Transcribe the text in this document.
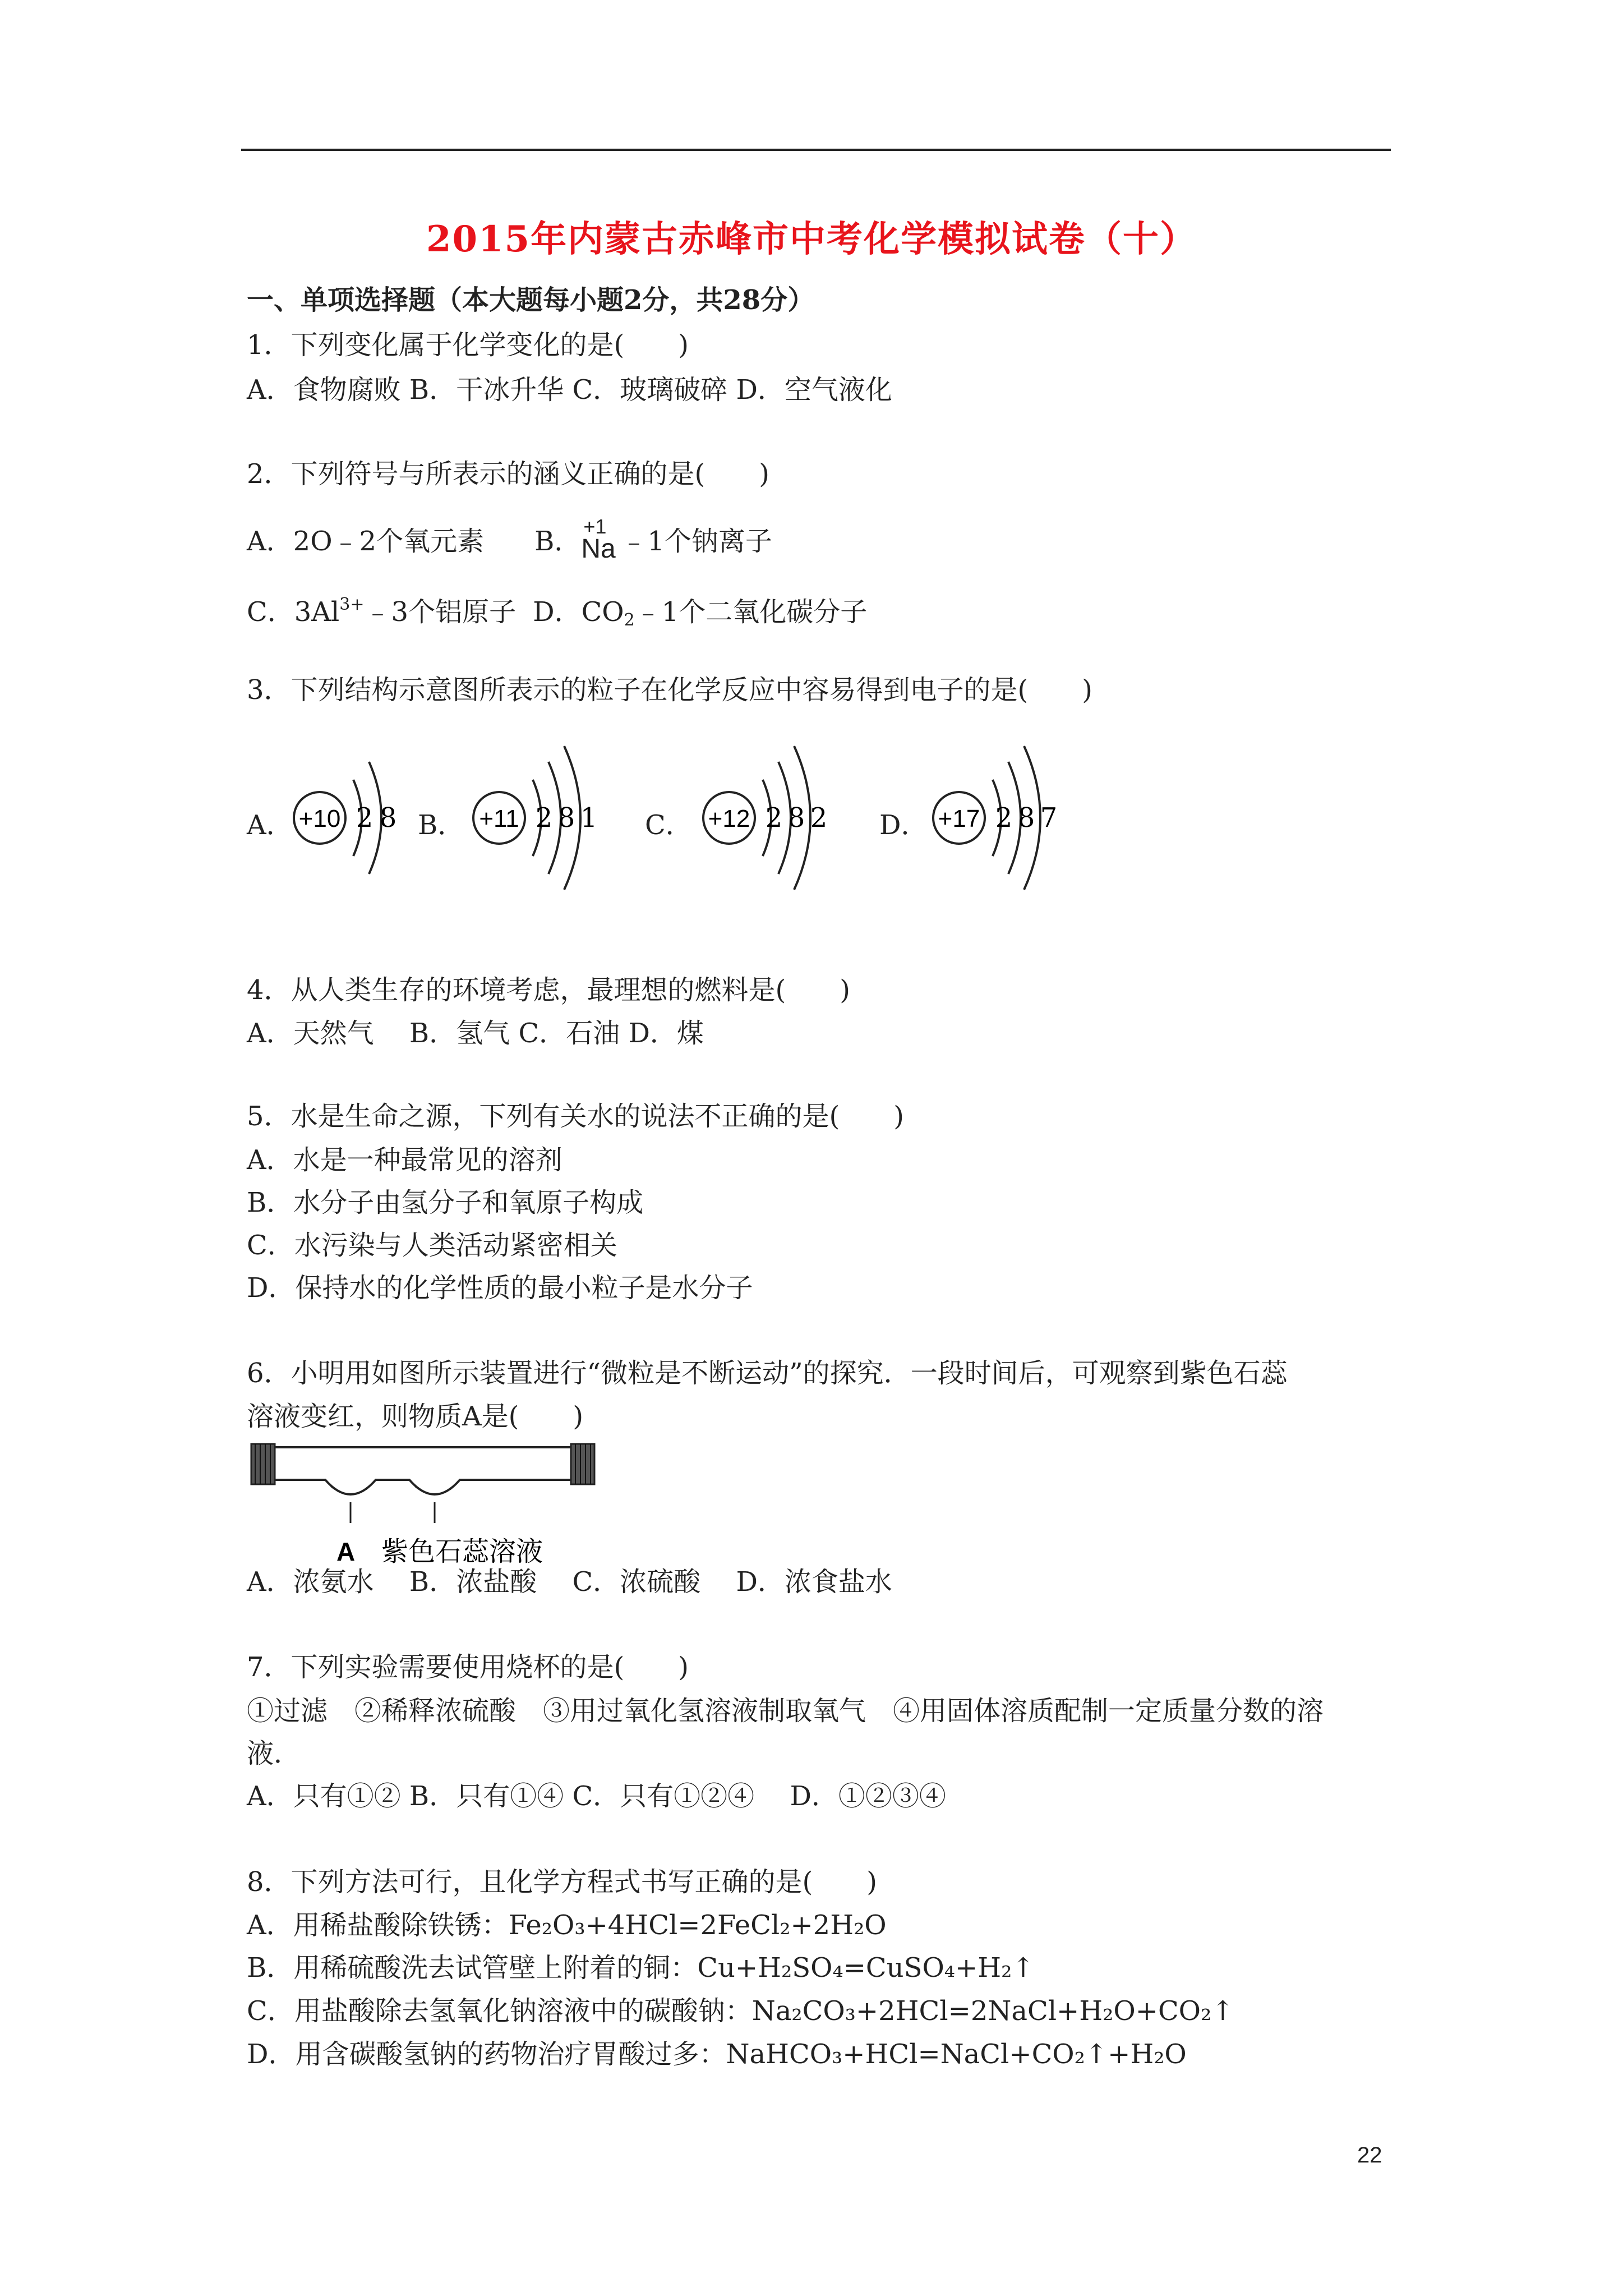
2015年内蒙古赤峰市中考化学模拟试卷（十）
一、单项选择题（本大题每小题2分，共28分）
1．下列变化属于化学变化的是(　　)
A．食物腐败 B．干冰升华 C．玻璃破碎 D．空气液化
2．下列符号与所表示的涵义正确的是(　　)
A．2O﹣2个氧元素 B． +1
Na ﹣1个钠离子
C．$3Al^{3+}﹣3$个铝原子 D．$CO_2﹣1$个二氧化碳分子
3．下列结构示意图所表示的粒子在化学反应中容易得到电子的是(　　)
A． +10 2 8 B． +11 2 8 1 C． +12 2 8 2 D． +17 2 8 7
4．从人类生存的环境考虑，最理想的燃料是(　　)
A．天然气　 B．氢气 C．石油 D．煤
5．水是生命之源，下列有关水的说法不正确的是(　　)
A．水是一种最常见的溶剂
B．水分子由氢分子和氧原子构成
C．水污染与人类活动紧密相关
D．保持水的化学性质的最小粒子是水分子
6．小明用如图所示装置进行“微粒是不断运动”的探究．一段时间后，可观察到紫色石蕊
溶液变红，则物质A是(　　)
A 紫色石蕊溶液
A．浓氨水　 B．浓盐酸　 C．浓硫酸　 D．浓食盐水
7．下列实验需要使用烧杯的是(　　)
①过滤　②稀释浓硫酸　③用过氧化氢溶液制取氧气　④用固体溶质配制一定质量分数的溶
液．
A．只有①② B．只有①④ C．只有①②④　 D．①②③④
8．下列方法可行，且化学方程式书写正确的是(　　)
A．用稀盐酸除铁锈：Fe₂O₃+4HCl=2FeCl₂+2H₂O
B．用稀硫酸洗去试管壁上附着的铜：Cu+H₂SO₄=CuSO₄+H₂↑
C．用盐酸除去氢氧化钠溶液中的碳酸钠：Na₂CO₃+2HCl=2NaCl+H₂O+CO₂↑
D．用含碳酸氢钠的药物治疗胃酸过多：NaHCO₃+HCl=NaCl+CO₂↑+H₂O
22
